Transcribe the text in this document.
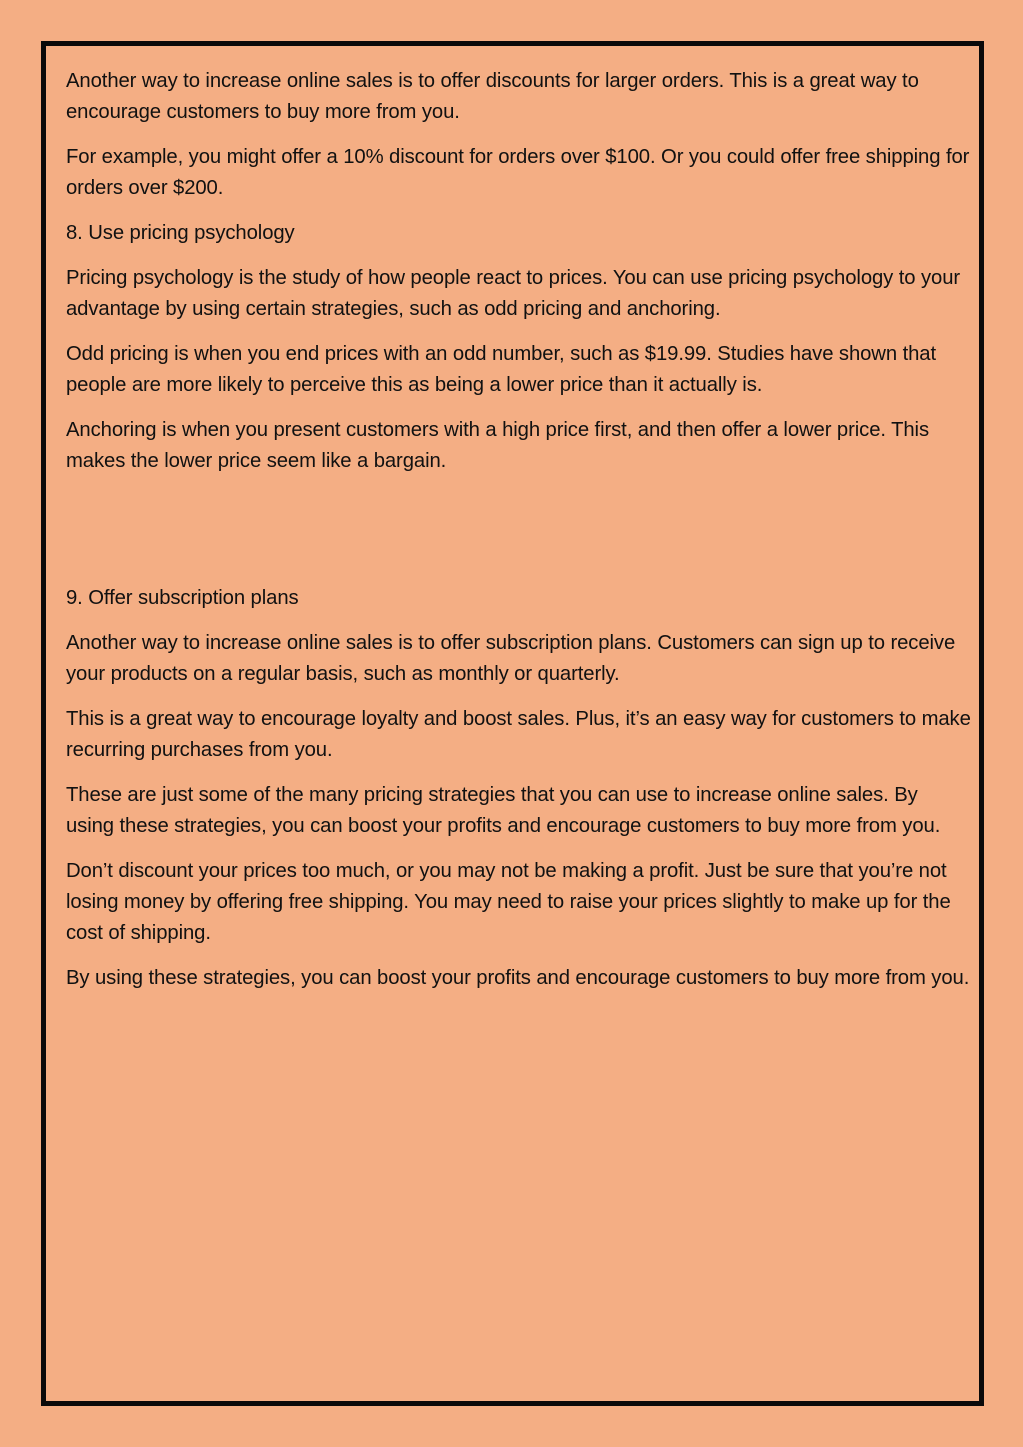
Another way to increase online sales is to offer discounts for larger orders. This is a great way to encourage customers to buy more from you.

For example, you might offer a 10% discount for orders over $100. Or you could offer free shipping for orders over $200.

8. Use pricing psychology

Pricing psychology is the study of how people react to prices. You can use pricing psychology to your advantage by using certain strategies, such as odd pricing and anchoring.

Odd pricing is when you end prices with an odd number, such as $19.99. Studies have shown that people are more likely to perceive this as being a lower price than it actually is.

Anchoring is when you present customers with a high price first, and then offer a lower price. This makes the lower price seem like a bargain.

9. Offer subscription plans

Another way to increase online sales is to offer subscription plans. Customers can sign up to receive your products on a regular basis, such as monthly or quarterly.

This is a great way to encourage loyalty and boost sales. Plus, it’s an easy way for customers to make recurring purchases from you.

These are just some of the many pricing strategies that you can use to increase online sales. By using these strategies, you can boost your profits and encourage customers to buy more from you.

Don’t discount your prices too much, or you may not be making a profit. Just be sure that you’re not losing money by offering free shipping. You may need to raise your prices slightly to make up for the cost of shipping.

By using these strategies, you can boost your profits and encourage customers to buy more from you.
